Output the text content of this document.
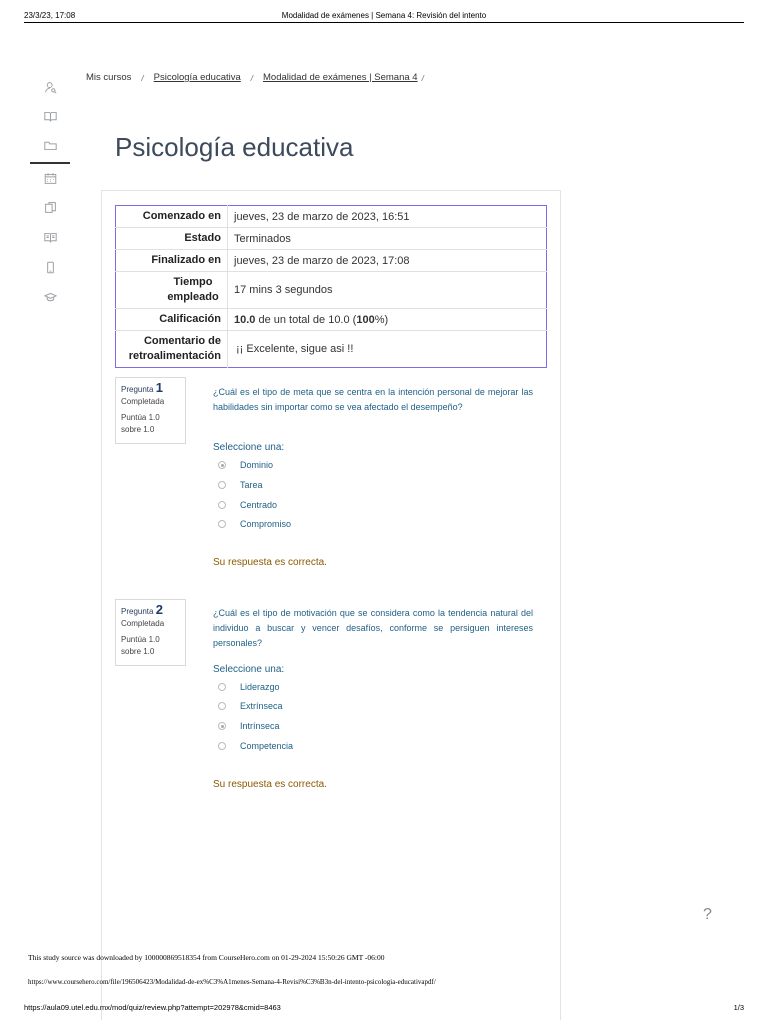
23/3/23, 17:08	Modalidad de exámenes | Semana 4: Revisión del intento
Mis cursos / Psicología educativa / Modalidad de exámenes | Semana 4 /
Psicología educativa
Comenzado en	jueves, 23 de marzo de 2023, 16:51
Estado	Terminados
Finalizado en	jueves, 23 de marzo de 2023, 17:08
Tiempo empleado	17 mins 3 segundos
Calificación	10.0 de un total de 10.0 (100%)
Comentario de retroalimentación	¡¡ Excelente, sigue asi !!
Pregunta 1
Completada
Puntúa 1.0
sobre 1.0
¿Cuál es el tipo de meta que se centra en la intención personal de mejorar las habilidades sin importar como se vea afectado el desempeño?
Seleccione una:
Dominio
Tarea
Centrado
Compromiso
Su respuesta es correcta.
Pregunta 2
Completada
Puntúa 1.0
sobre 1.0
¿Cuál es el tipo de motivación que se considera como la tendencia natural del individuo a buscar y vencer desafíos, conforme se persiguen intereses personales?
Seleccione una:
Liderazgo
Extrínseca
Intrínseca
Competencia
Su respuesta es correcta.
?
This study source was downloaded by 100000869518354 from CourseHero.com on 01-29-2024 15:50:26 GMT -06:00
https://www.coursehero.com/file/196506423/Modalidad-de-ex%C3%A1menes-Semana-4-Revisi%C3%B3n-del-intento-psicologia-educativapdf/
https://aula09.utel.edu.mx/mod/quiz/review.php?attempt=202978&cmid=8463	1/3
